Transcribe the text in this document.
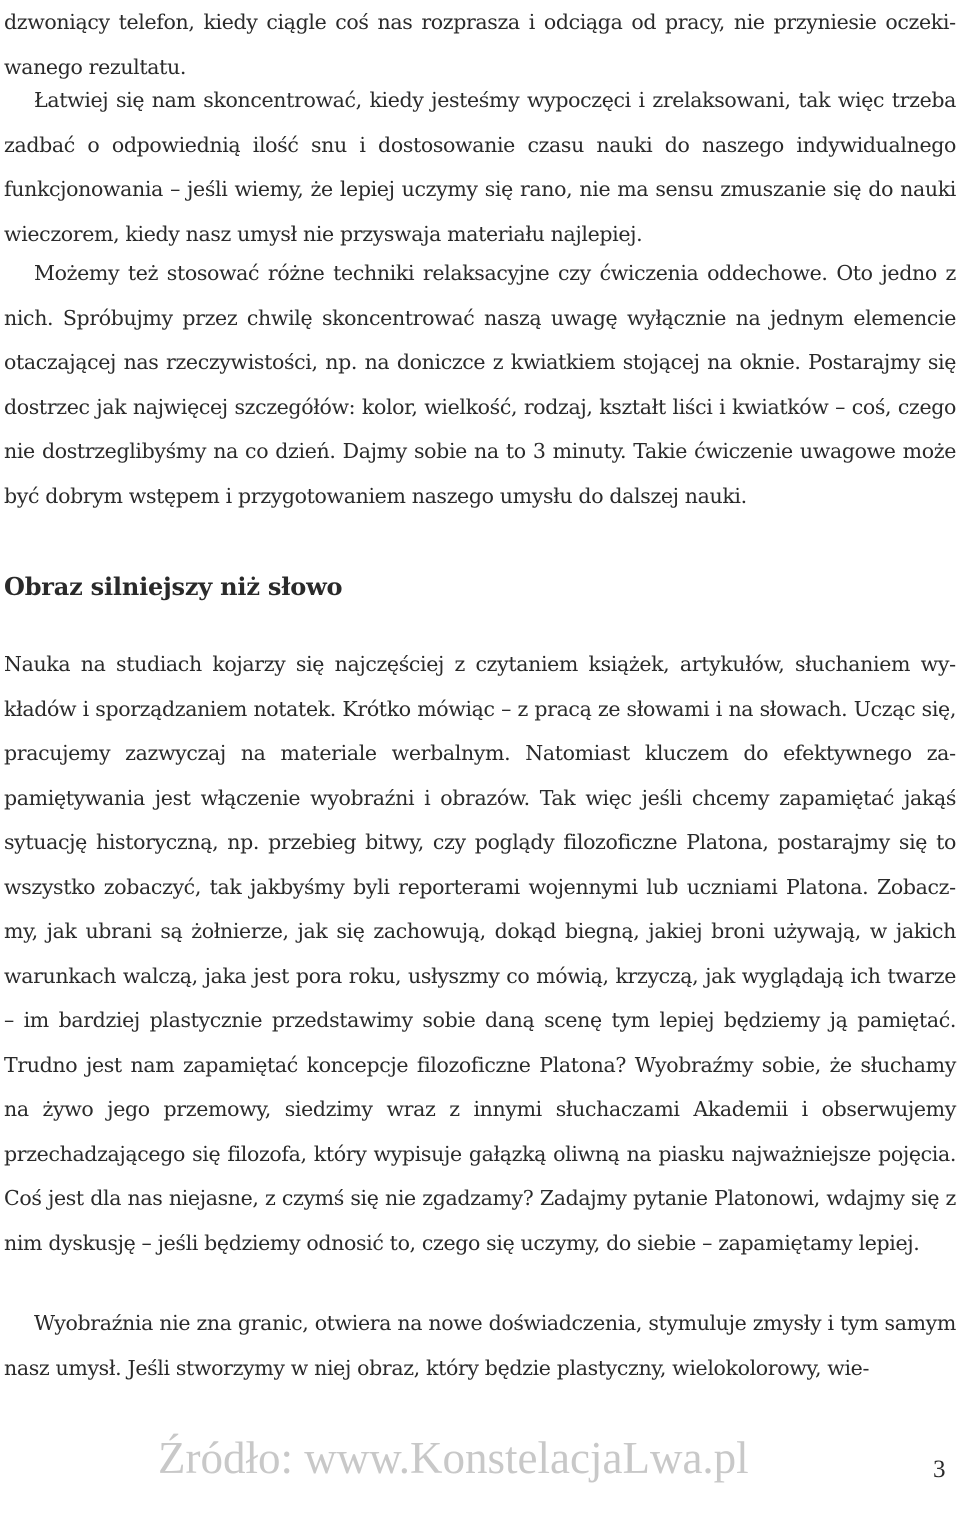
dzwoniący telefon, kiedy ciągle coś nas rozprasza i odciąga od pracy, nie przyniesie oczekiwanego rezultatu.

Łatwiej się nam skoncentrować, kiedy jesteśmy wypoczęci i zrelaksowani, tak więc trzeba zadbać o odpowiednią ilość snu i dostosowanie czasu nauki do naszego indywidualnego funkcjonowania – jeśli wiemy, że lepiej uczymy się rano, nie ma sensu zmuszanie się do nauki wieczorem, kiedy nasz umysł nie przyswaja materiału najlepiej.

Możemy też stosować różne techniki relaksacyjne czy ćwiczenia oddechowe. Oto jedno z nich. Spróbujmy przez chwilę skoncentrować naszą uwagę wyłącznie na jednym elemencie otaczającej nas rzeczywistości, np. na doniczce z kwiatkiem stojącej na oknie. Postarajmy się dostrzec jak najwięcej szczegółów: kolor, wielkość, rodzaj, kształt liści i kwiatków – coś, czego nie dostrzeglibyśmy na co dzień. Dajmy sobie na to 3 minuty. Takie ćwiczenie uwagowe może być dobrym wstępem i przygotowaniem naszego umysłu do dalszej nauki.

Obraz silniejszy niż słowo

Nauka na studiach kojarzy się najczęściej z czytaniem książek, artykułów, słuchaniem wykładów i sporządzaniem notatek. Krótko mówiąc – z pracą ze słowami i na słowach. Ucząc się, pracujemy zazwyczaj na materiale werbalnym. Natomiast kluczem do efektywnego zapamiętywania jest włączenie wyobraźni i obrazów. Tak więc jeśli chcemy zapamiętać jakąś sytuację historyczną, np. przebieg bitwy, czy poglądy filozoficzne Platona, postarajmy się to wszystko zobaczyć, tak jakbyśmy byli reporterami wojennymi lub uczniami Platona. Zobaczmy, jak ubrani są żołnierze, jak się zachowują, dokąd biegną, jakiej broni używają, w jakich warunkach walczą, jaka jest pora roku, usłyszmy co mówią, krzyczą, jak wyglądają ich twarze – im bardziej plastycznie przedstawimy sobie daną scenę tym lepiej będziemy ją pamiętać. Trudno jest nam zapamiętać koncepcje filozoficzne Platona? Wyobraźmy sobie, że słuchamy na żywo jego przemowy, siedzimy wraz z innymi słuchaczami Akademii i obserwujemy przechadzającego się filozofa, który wypisuje gałązką oliwną na piasku najważniejsze pojęcia. Coś jest dla nas niejasne, z czymś się nie zgadzamy? Zadajmy pytanie Platonowi, wdajmy się z nim dyskusję – jeśli będziemy odnosić to, czego się uczymy, do siebie – zapamiętamy lepiej.

Wyobraźnia nie zna granic, otwiera na nowe doświadczenia, stymuluje zmysły i tym samym nasz umysł. Jeśli stworzymy w niej obraz, który będzie plastyczny, wielokolorowy, wie-

Źródło: www.KonstelacjaLwa.pl	3
